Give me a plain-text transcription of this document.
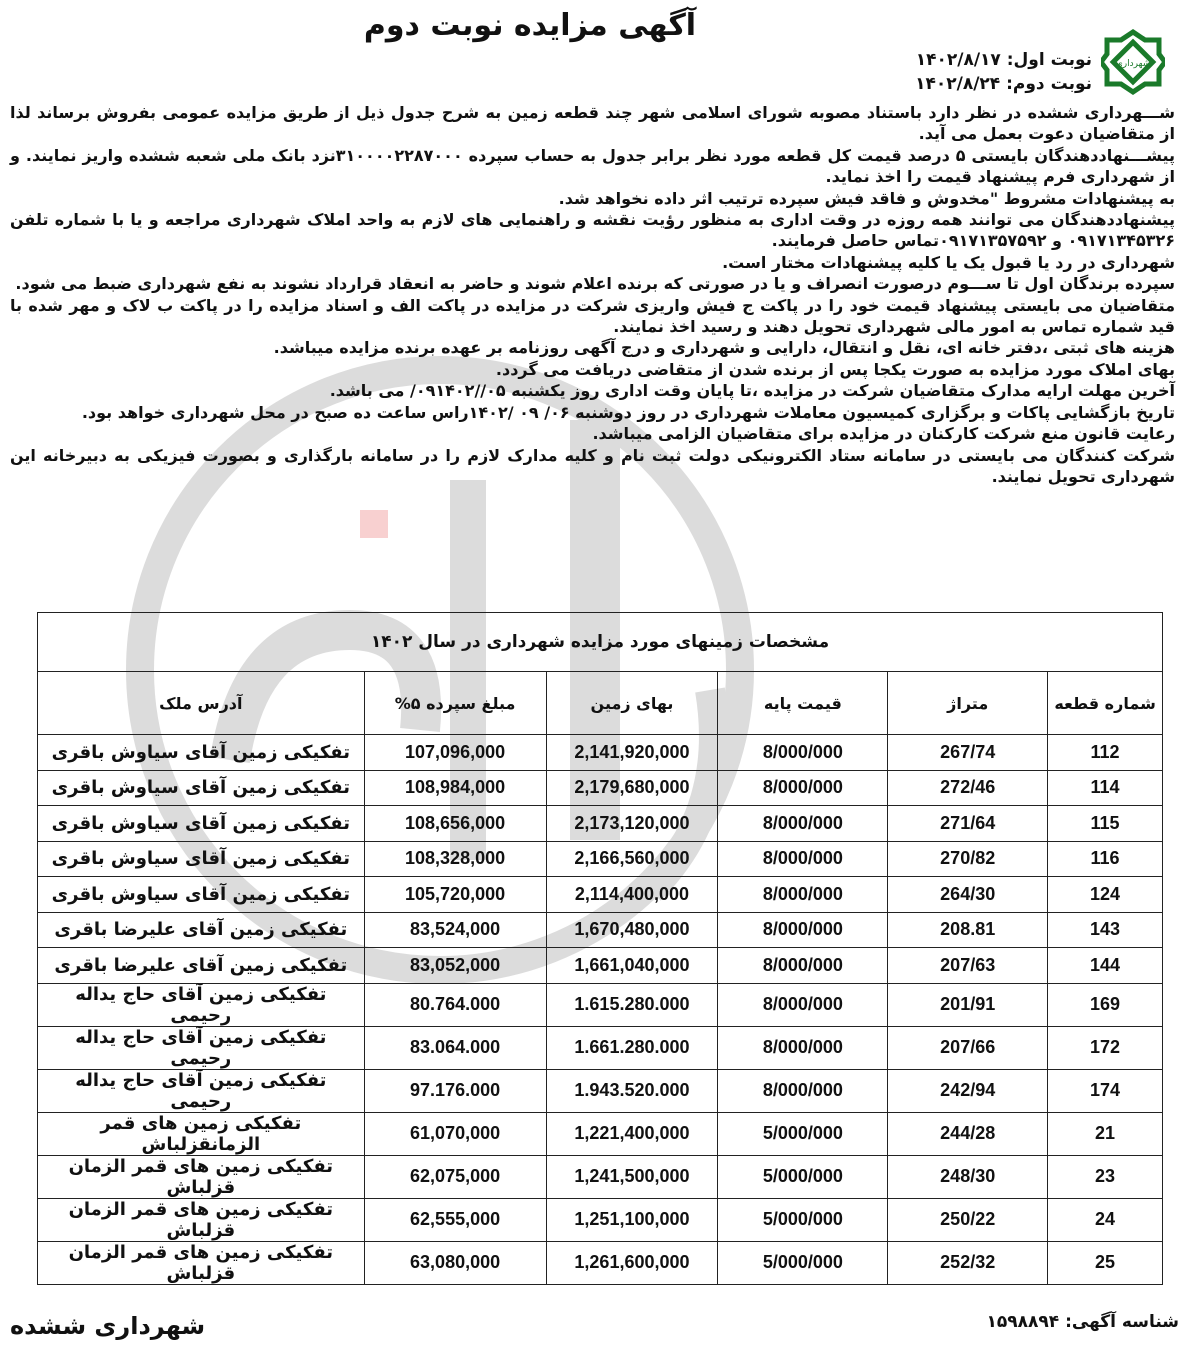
شهرداری
آگهی مزایده نوبت دوم
نوبت اول: ۱۴۰۲/۸/۱۷
نوبت دوم: ۱۴۰۲/۸/۲۴

شـــهرداری ششده در نظر دارد باستناد مصوبه شورای اسلامی شهر چند قطعه زمین به شرح جدول ذیل از طریق مزایده عمومی بفروش برساند لذا از متقاضیان دعوت بعمل می آید.

پیشـــنهاددهندگان بایستی ۵ درصد قیمت کل قطعه مورد نظر برابر جدول به حساب سپرده ۳۱۰۰۰۰۲۲۸۷۰۰۰نزد بانک ملی شعبه ششده واریز نمایند. و از شهرداری فرم پیشنهاد قیمت را اخذ نماید.

به پیشنهادات مشروط "مخدوش و فاقد فیش سپرده ترتیب اثر داده نخواهد شد.

پیشنهاددهندگان می توانند همه روزه در وقت اداری به منظور رؤیت نقشه و راهنمایی های لازم به واحد املاک شهرداری مراجعه و یا با شماره تلفن ۰۹۱۷۱۳۴۵۳۲۶ و ۰۹۱۷۱۳۵۷۵۹۲تماس حاصل فرمایند.

شهرداری در رد یا قبول یک یا کلیه پیشنهادات مختار است.

سپرده برندگان اول تا ســـوم درصورت انصراف و یا در صورتی که برنده اعلام شوند و حاضر به انعقاد قرارداد نشوند به نفع شهرداری ضبط می شود.

متقاضیان می بایستی پیشنهاد قیمت خود را در پاکت ج فیش واریزی شرکت در مزایده در پاکت الف و اسناد مزایده را در پاکت ب لاک و مهر شده با قید شماره تماس به امور مالی شهرداری تحویل دهند و رسید اخذ نمایند.

هزینه های ثبتی ،دفتر خانه ای، نقل و انتقال، دارایی و شهرداری و درج آگهی روزنامه بر عهده برنده مزایده میباشد.

بهای املاک مورد مزایده به صورت یکجا پس از برنده شدن از متقاضی دریافت می گردد.

آخرین مهلت ارایه مدارک متقاضیان شرکت در مزایده ،تا پایان وقت اداری روز یکشنبه ۰۵//۰۹۱۴۰۲/ می باشد.

تاریخ بازگشایی پاکات و برگزاری کمیسیون معاملات شهرداری در روز دوشنبه ۰۶/ ۰۹ /۱۴۰۲راس ساعت ده صبح در محل شهرداری خواهد بود.

رعایت قانون منع شرکت کارکنان در مزایده برای متقاضیان الزامی میباشد.

شرکت کنندگان می بایستی در سامانه ستاد الکترونیکی دولت ثبت نام و کلیه مدارک لازم را در سامانه بارگذاری و بصورت فیزیکی به دبیرخانه این شهرداری تحویل نمایند.

مشخصات زمینهای مورد مزایده شهرداری در سال ۱۴۰۲					
شماره قطعه	متراژ	قیمت پایه	بهای زمین	مبلغ سپرده ۵%	آدرس ملک
112	267/74	8/000/000	2,141,920,000	107,096,000	تفکیکی زمین آقای سیاوش باقری
114	272/46	8/000/000	2,179,680,000	108,984,000	تفکیکی زمین آقای سیاوش باقری
115	271/64	8/000/000	2,173,120,000	108,656,000	تفکیکی زمین آقای سیاوش باقری
116	270/82	8/000/000	2,166,560,000	108,328,000	تفکیکی زمین آقای سیاوش باقری
124	264/30	8/000/000	2,114,400,000	105,720,000	تفکیکی زمین آقای سیاوش باقری
143	208.81	8/000/000	1,670,480,000	83,524,000	تفکیکی زمین آقای علیرضا باقری
144	207/63	8/000/000	1,661,040,000	83,052,000	تفکیکی زمین آقای علیرضا باقری
169	201/91	8/000/000	1.615.280.000	80.764.000	تفکیکی زمین آقای حاج یداله رحیمی
172	207/66	8/000/000	1.661.280.000	83.064.000	تفکیکی زمین آقای حاج یداله رحیمی
174	242/94	8/000/000	1.943.520.000	97.176.000	تفکیکی زمین آقای حاج یداله رحیمی
21	244/28	5/000/000	1,221,400,000	61,070,000	تفکیکی زمین های قمر الزمانقزلباش
23	248/30	5/000/000	1,241,500,000	62,075,000	تفکیکی زمین های قمر الزمان قزلباش
24	250/22	5/000/000	1,251,100,000	62,555,000	تفکیکی زمین های قمر الزمان قزلباش
25	252/32	5/000/000	1,261,600,000	63,080,000	تفکیکی زمین های قمر الزمان قزلباش
شناسه آگهی: ۱۵۹۸۸۹۴
شهرداری ششده
